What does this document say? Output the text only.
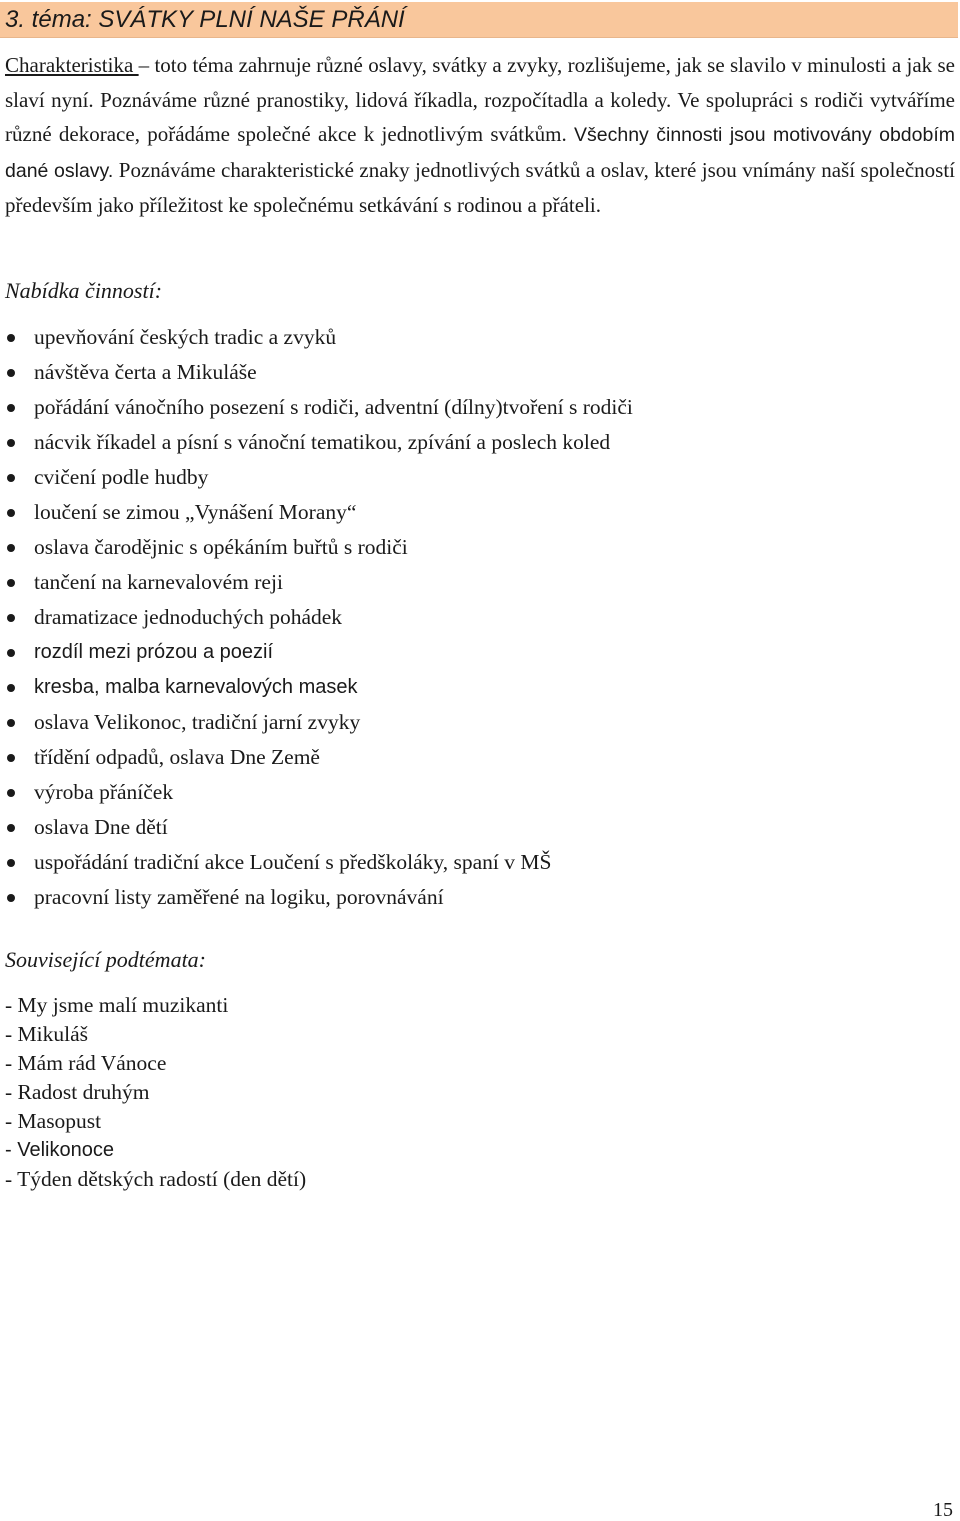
3. téma: SVÁTKY PLNÍ NAŠE PŘÁNÍ
Charakteristika – toto téma zahrnuje různé oslavy, svátky a zvyky, rozlišujeme, jak se slavilo v minulosti a jak se slaví nyní. Poznáváme různé pranostiky, lidová říkadla, rozpočítadla a koledy. Ve spolupráci s rodiči vytváříme různé dekorace, pořádáme společné akce k jednotlivým svátkům. Všechny činnosti jsou motivovány obdobím dané oslavy. Poznáváme charakteristické znaky jednotlivých svátků a oslav, které jsou vnímány naší společností především jako příležitost ke společnému setkávání s rodinou a přáteli.
Nabídka činností:
upevňování českých tradic a zvyků
návštěva čerta a Mikuláše
pořádání vánočního posezení s rodiči, adventní (dílny)tvoření s rodiči
nácvik říkadel a písní s vánoční tematikou, zpívání a poslech koled
cvičení podle hudby
loučení se zimou „Vynášení Morany“
oslava čarodějnic s opékáním buřtů s rodiči
tančení na karnevalovém reji
dramatizace jednoduchých pohádek
rozdíl mezi prózou a poezií
kresba, malba karnevalových masek
oslava Velikonoc, tradiční jarní zvyky
třídění odpadů, oslava Dne Země
výroba přáníček
oslava Dne dětí
uspořádání tradiční akce Loučení s předškoláky, spaní v MŠ
pracovní listy zaměřené na logiku, porovnávání
Související podtémata:
- My jsme malí muzikanti
- Mikuláš
- Mám rád Vánoce
- Radost druhým
- Masopust
- Velikonoce
- Týden dětských radostí (den dětí)
15
